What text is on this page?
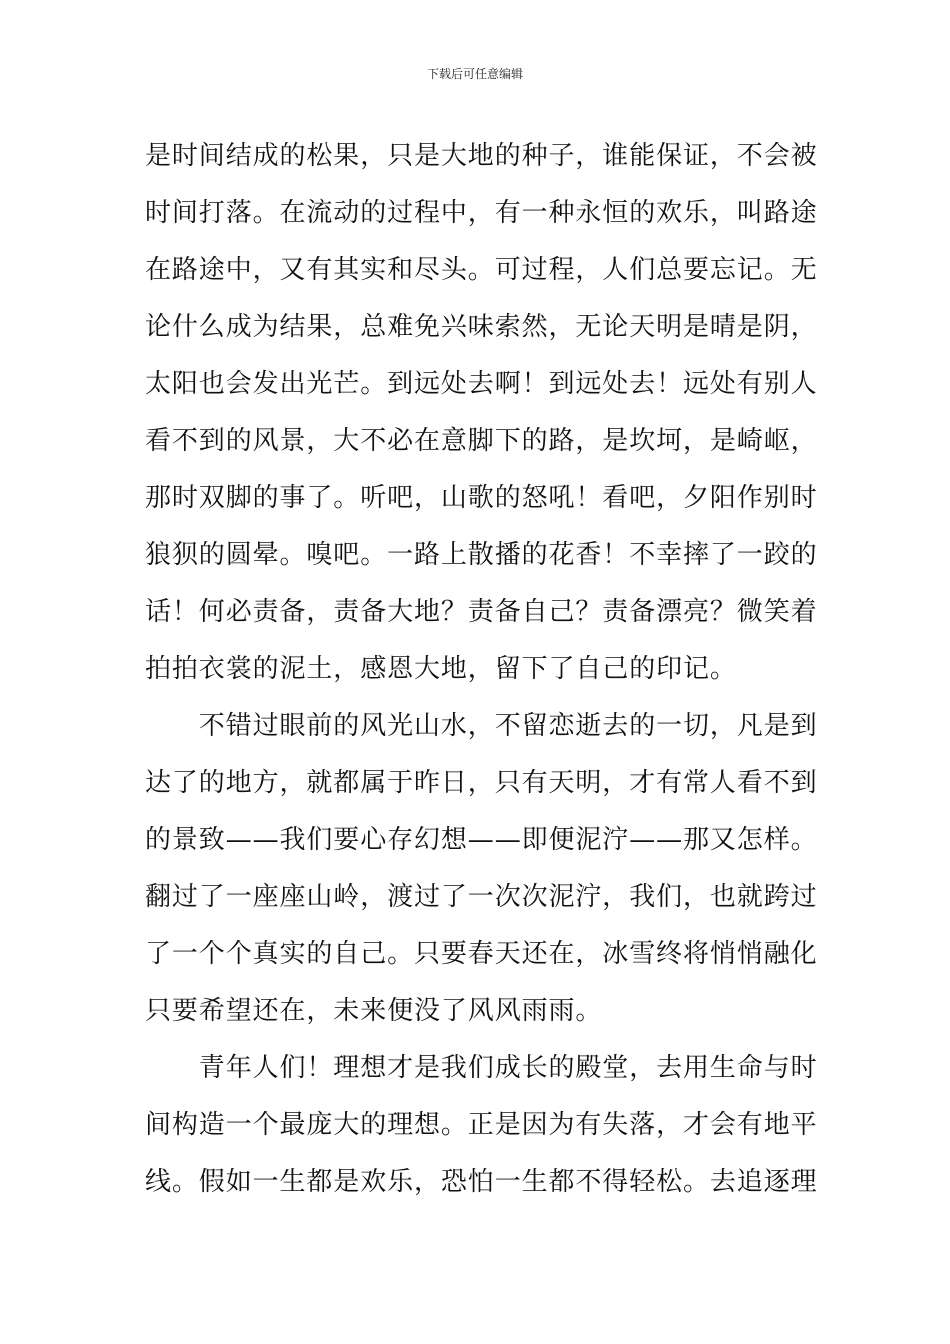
下载后可任意编辑
是时间结成的松果，只是大地的种子，谁能保证，不会被
时间打落。在流动的过程中，有一种永恒的欢乐，叫路途
在路途中，又有其实和尽头。可过程，人们总要忘记。无
论什么成为结果，总难免兴味索然，无论天明是晴是阴，
太阳也会发出光芒。到远处去啊！到远处去！远处有别人
看不到的风景，大不必在意脚下的路，是坎坷，是崎岖，
那时双脚的事了。听吧，山歌的怒吼！看吧，夕阳作别时
狼狈的圆晕。嗅吧。一路上散播的花香！不幸摔了一跤的
话！何必责备，责备大地？责备自己？责备漂亮？微笑着
拍拍衣裳的泥土，感恩大地，留下了自己的印记。
　　不错过眼前的风光山水，不留恋逝去的一切，凡是到
达了的地方，就都属于昨日，只有天明，才有常人看不到
的景致——我们要心存幻想——即便泥泞——那又怎样。
翻过了一座座山岭，渡过了一次次泥泞，我们，也就跨过
了一个个真实的自己。只要春天还在，冰雪终将悄悄融化
只要希望还在，未来便没了风风雨雨。
　　青年人们！理想才是我们成长的殿堂，去用生命与时
间构造一个最庞大的理想。正是因为有失落，才会有地平
线。假如一生都是欢乐，恐怕一生都不得轻松。去追逐理
